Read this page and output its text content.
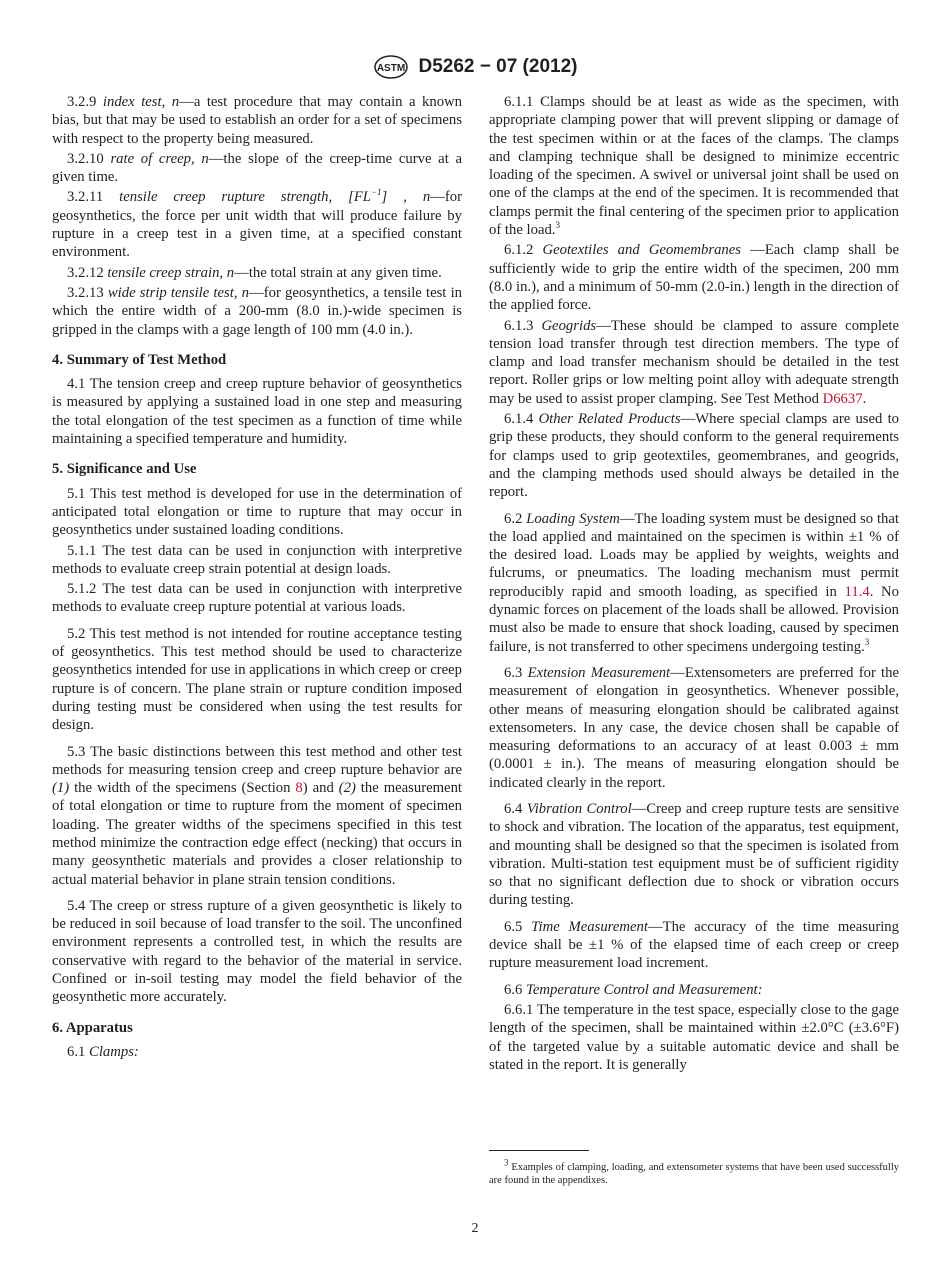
ASTM D5262 − 07 (2012)

3.2.9 index test, n—a test procedure that may contain a known bias, but that may be used to establish an order for a set of specimens with respect to the property being measured.

3.2.10 rate of creep, n—the slope of the creep-time curve at a given time.

3.2.11 tensile creep rupture strength, $[FL^{-1}]$ , n—for geosynthetics, the force per unit width that will produce failure by rupture in a creep test in a given time, at a specified constant environment.

3.2.12 tensile creep strain, n—the total strain at any given time.

3.2.13 wide strip tensile test, n—for geosynthetics, a tensile test in which the entire width of a 200-mm (8.0 in.)-wide specimen is gripped in the clamps with a gage length of 100 mm (4.0 in.).

4. Summary of Test Method

4.1 The tension creep and creep rupture behavior of geosynthetics is measured by applying a sustained load in one step and measuring the total elongation of the test specimen as a function of time while maintaining a specified temperature and humidity.

5. Significance and Use

5.1 This test method is developed for use in the determination of anticipated total elongation or time to rupture that may occur in geosynthetics under sustained loading conditions.

5.1.1 The test data can be used in conjunction with interpretive methods to evaluate creep strain potential at design loads.

5.1.2 The test data can be used in conjunction with interpretive methods to evaluate creep rupture potential at various loads.

5.2 This test method is not intended for routine acceptance testing of geosynthetics. This test method should be used to characterize geosynthetics intended for use in applications in which creep or creep rupture is of concern. The plane strain or rupture condition imposed during testing must be considered when using the test results for design.

5.3 The basic distinctions between this test method and other test methods for measuring tension creep and creep rupture behavior are (1) the width of the specimens (Section 8) and (2) the measurement of total elongation or time to rupture from the moment of specimen loading. The greater widths of the specimens specified in this test method minimize the contraction edge effect (necking) that occurs in many geosynthetic materials and provides a closer relationship to actual material behavior in plane strain tension conditions.

5.4 The creep or stress rupture of a given geosynthetic is likely to be reduced in soil because of load transfer to the soil. The unconfined environment represents a controlled test, in which the results are conservative with regard to the behavior of the material in service. Confined or in-soil testing may model the field behavior of the geosynthetic more accurately.

6. Apparatus

6.1 Clamps:

6.1.1 Clamps should be at least as wide as the specimen, with appropriate clamping power that will prevent slipping or damage of the test specimen within or at the faces of the clamps. The clamps and clamping technique shall be designed to minimize eccentric loading of the specimen. A swivel or universal joint shall be used on one of the clamps at the end of the specimen. It is recommended that clamps permit the final centering of the specimen prior to application of the load.$^3$

6.1.2 Geotextiles and Geomembranes —Each clamp shall be sufficiently wide to grip the entire width of the specimen, 200 mm (8.0 in.), and a minimum of 50-mm (2.0-in.) length in the direction of the applied force.

6.1.3 Geogrids—These should be clamped to assure complete tension load transfer through test direction members. The type of clamp and load transfer mechanism should be detailed in the test report. Roller grips or low melting point alloy with adequate strength may be used to assist proper clamping. See Test Method D6637.

6.1.4 Other Related Products—Where special clamps are used to grip these products, they should conform to the general requirements for clamps used to grip geotextiles, geomembranes, and geogrids, and the clamping methods used should always be detailed in the report.

6.2 Loading System—The loading system must be designed so that the load applied and maintained on the specimen is within ±1 % of the desired load. Loads may be applied by weights, weights and fulcrums, or pneumatics. The loading mechanism must permit reproducibly rapid and smooth loading, as specified in 11.4. No dynamic forces on placement of the loads shall be allowed. Provision must also be made to ensure that shock loading, caused by specimen failure, is not transferred to other specimens undergoing testing.$^3$

6.3 Extension Measurement—Extensometers are preferred for the measurement of elongation in geosynthetics. Whenever possible, other means of measuring elongation should be calibrated against extensometers. In any case, the device chosen shall be capable of measuring deformations to an accuracy of at least 0.003 ± mm (0.0001 ± in.). The means of measuring elongation should be indicated clearly in the report.

6.4 Vibration Control—Creep and creep rupture tests are sensitive to shock and vibration. The location of the apparatus, test equipment, and mounting shall be designed so that the specimen is isolated from vibration. Multi-station test equipment must be of sufficient rigidity so that no significant deflection due to shock or vibration occurs during testing.

6.5 Time Measurement—The accuracy of the time measuring device shall be ±1 % of the elapsed time of each creep or creep rupture measurement load increment.

6.6 Temperature Control and Measurement:

6.6.1 The temperature in the test space, especially close to the gage length of the specimen, shall be maintained within ±2.0°C (±3.6°F) of the targeted value by a suitable automatic device and shall be stated in the report. It is generally

$^3$ Examples of clamping, loading, and extensometer systems that have been used successfully are found in the appendixes.

2
